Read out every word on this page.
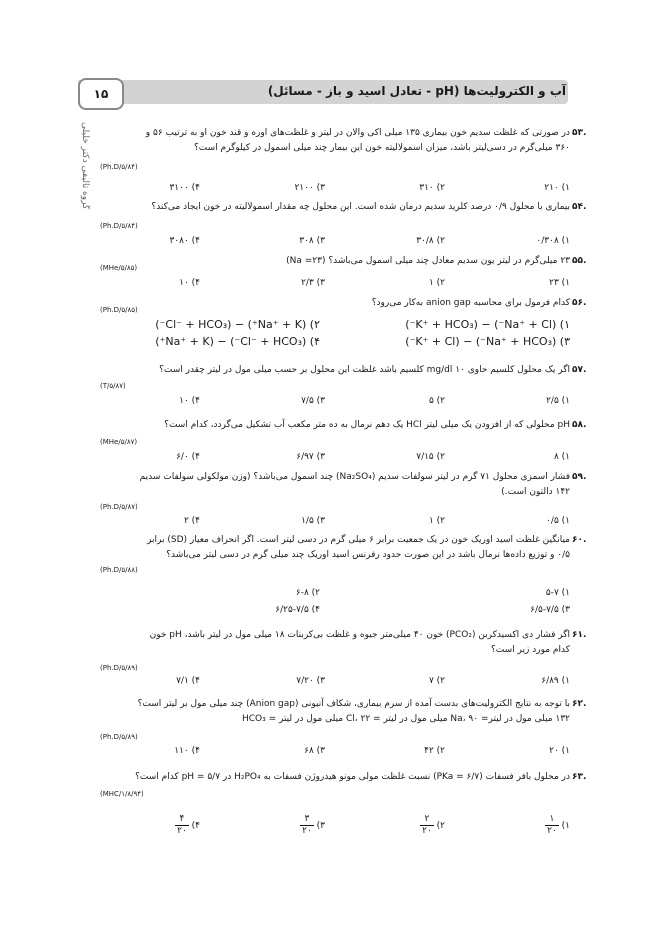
۱۵	آب و الکترولیت‌ها (pH - تعادل اسید و باز - مسائل)
گروه تالیفی دکتر خلیلی	۵۳.
در صورتی که غلظت سدیم خون بیماری ۱۳۵ میلی اکی والان در لیتر و غلظت‌های اوره و قند خون او به ترتیب ۵۶ و
۳۶۰ میلی‌گرم در دسی‌لیتر باشد، میزان اسمولالیته خون این بیمار چند میلی اسمول در کیلوگرم است؟
(Ph.D/۵/۸۴)
۱) ۲۱۰
۲) ۳۱۰
۳) ۲۱۰۰
۴) ۳۱۰۰
۵۴.
بیماری با محلول ۰/۹ درصد کلرید سدیم درمان شده است. این محلول چه مقدار اسمولالیته در خون ایجاد می‌کند؟
(Ph.D/۵/۸۴)
۱) ۰/۳۰۸
۲) ۳۰/۸
۳) ۳۰۸
۴) ۳۰۸۰
۵۵.
۲۳ میلی‌گرم در لیتر یون سدیم معادل چند میلی اسمول می‌باشد؟ (Na =۲۳)
(MHe/۵/۸۵)
۱) ۲۳
۲) ۱
۳) ۲/۳
۴) ۱۰
۵۶.
کدام فرمول برای محاسبه anion gap به‌کار می‌رود؟
(Ph.D/۵/۸۵)
۱) (Na⁺ + Cl⁻) − (K⁺ + HCO₃⁻)
۲) (Na⁺ + K⁺) − (Cl⁻ + HCO₃⁻)
۳) (Na⁺ + HCO₃⁻) − (K⁺ + Cl⁻)
۴) (Cl⁻ + HCO₃⁻) − (Na⁺ + K⁺)
۵۷.
اگر یک محلول کلسیم حاوی mg/dl ۱۰ کلسیم باشد غلظت این محلول بر حسب میلی مول در لیتر چقدر است؟
(T/۵/۸۷)
۱) ۲/۵
۲) ۵
۳) ۷/۵
۴) ۱۰
۵۸.
pH محلولی که از افزودن یک میلی لیتر HCl یک دهم نرمال به ده متر مکعب آب تشکیل می‌گردد، کدام است؟
(MHe/۵/۸۷)
۱) ۸
۲) ۷/۱۵
۳) ۶/۹۷
۴) ۶/۰
۵۹.
فشار اسمزی محلول ۷۱ گرم در لیتر سولفات سدیم (Na₂SO₄) چند اسمول می‌باشد؟ (وزن مولکولی سولفات سدیم
۱۴۲ دالتون است.)
(Ph.D/۵/۸۷)
۱) ۰/۵
۲) ۱
۳) ۱/۵
۴) ۲
۶۰.
میانگین غلظت اسید اوریک خون در یک جمعیت برابر ۶ میلی گرم در دسی لیتر است. اگر انحراف معیار (SD) برابر
۰/۵ و توزیع داده‌ها نرمال باشد در این صورت حدود رفرنس اسید اوریک چند میلی گرم در دسی لیتر می‌باشد؟
(Ph.D/۵/۸۸)
۱) ۵-۷
۲) ۶-۸
۳) ۶/۵-۷/۵
۴) ۶/۲۵-۷/۵
۶۱.
اگر فشار دی اکسیدکربن (PCO₂) خون ۴۰ میلی‌متر جیوه و غلظت بی‌کربنات ۱۸ میلی مول در لیتر باشد، pH خون
کدام مورد زیر است؟
(Ph.D/۵/۸۹)
۱) ۶/۸۹
۲) ۷
۳) ۷/۲۰
۴) ۷/۱
۶۲.
با توجه به نتایج الکترولیت‌های بدست آمده از سرم بیماری، شکاف آنیونی (Anion gap) چند میلی مول بر لیتر است؟
۱۳۲ میلی مول در لیتر= Na، ۹۰ میلی مول در لیتر = Cl، ۲۲ میلی مول در لیتر = HCO₃
(Ph.D/۵/۸۹)
۱) ۲۰
۲) ۴۲
۳) ۶۸
۴) ۱۱۰
۶۳.
در محلول بافر فسفات (PKa = ۶/۷) نسبت غلظت مولی مونو هیدروژن فسفات به H₂PO₄ در pH = ۵/۷ کدام است؟
(MHC/۱/۸/۹۴)
۱)
$\frac{۱}{۲۰}$
۲)
$\frac{۲}{۲۰}$
۳)
$\frac{۳}{۲۰}$
۴)
$\frac{۴}{۲۰}$
